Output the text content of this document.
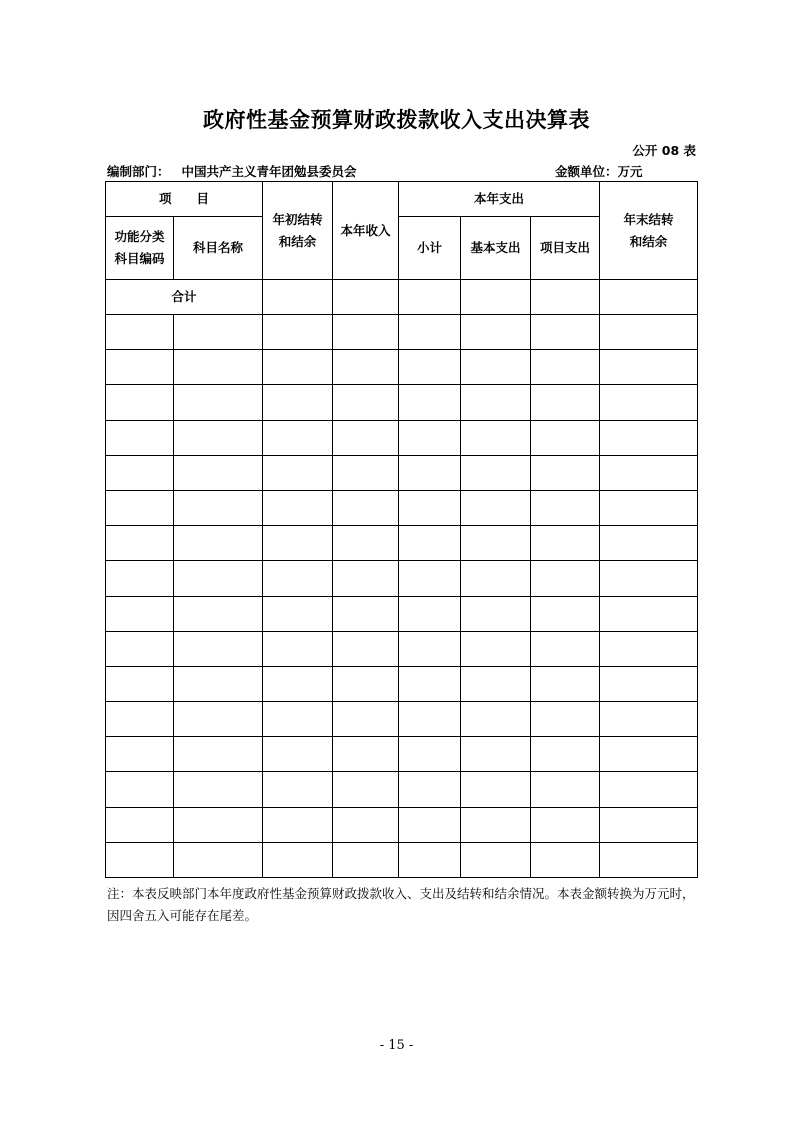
政府性基金预算财政拨款收入支出决算表
公开 08 表
编制部门： 中国共产主义青年团勉县委员会	金额单位：万元
项　　目		年初结转和结余	本年收入	本年支出			年末结转和结余

功能分类科目编码	科目名称			小计	基本支出	项目支出	
合计							

注：本表反映部门本年度政府性基金预算财政拨款收入、支出及结转和结余情况。本表金额转换为万元时，因四舍五入可能存在尾差。
- 15 -
